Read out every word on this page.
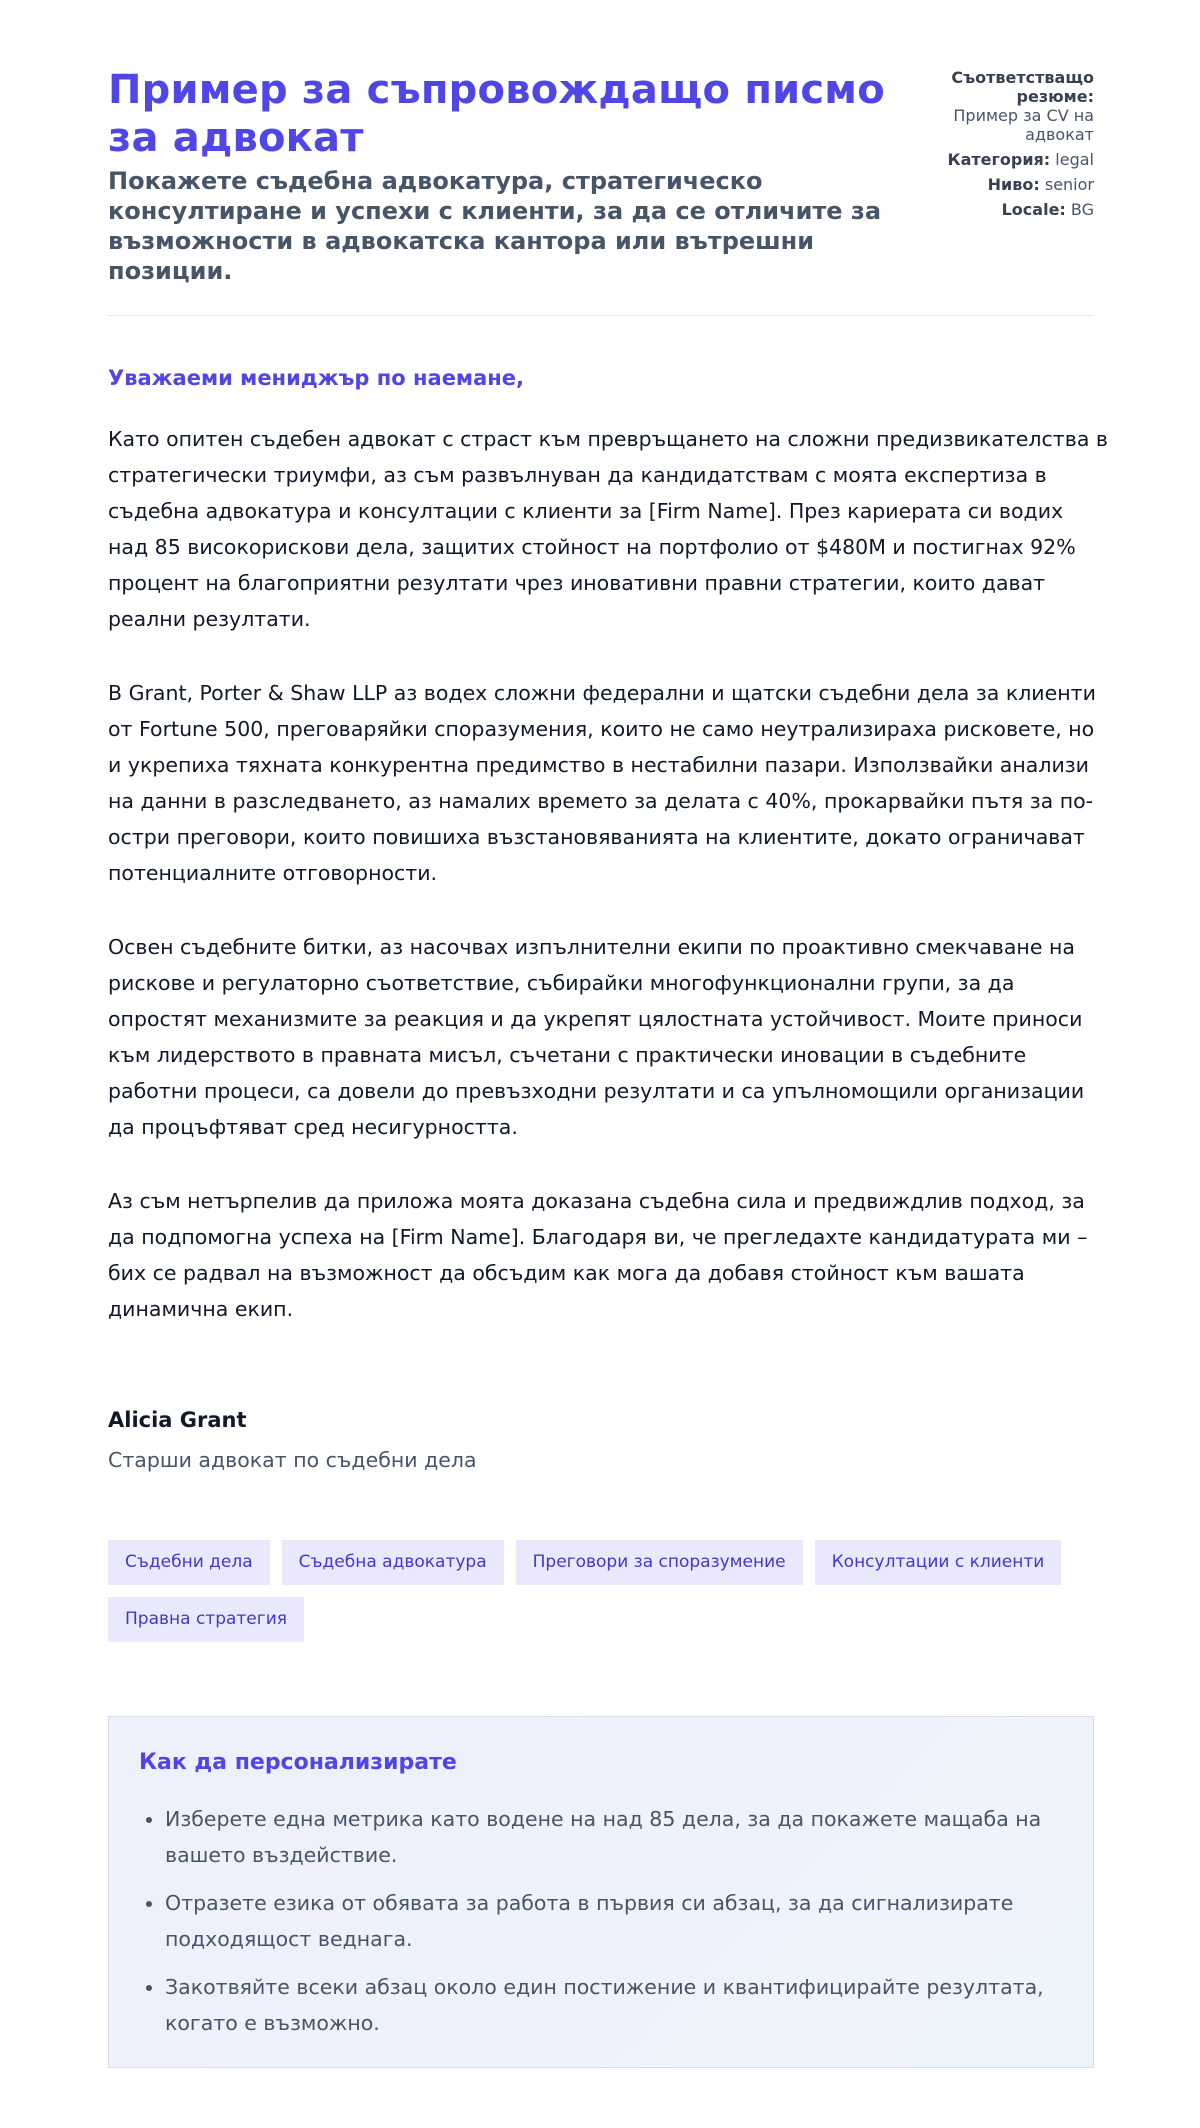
Пример за съпровождащо писмо за адвокат
Покажете съдебна адвокатура, стратегическо консултиране и успехи с клиенти, за да се отличите за възможности в адвокатска кантора или вътрешни позиции.
Съответстващо резюме:
Пример за CV на адвокат
Категория: legal
Ниво: senior
Locale: BG

Уважаеми мениджър по наемане,

Като опитен съдебен адвокат с страст към превръщането на сложни предизвикателства в стратегически триумфи, аз съм развълнуван да кандидатствам с моята експертиза в съдебна адвокатура и консултации с клиенти за [Firm Name]. През кариерата си водих над 85 високорискови дела, защитих стойност на портфолио от $480M и постигнах 92% процент на благоприятни резултати чрез иновативни правни стратегии, които дават реални резултати.

В Grant, Porter & Shaw LLP аз водех сложни федерални и щатски съдебни дела за клиенти от Fortune 500, преговаряйки споразумения, които не само неутрализираха рисковете, но и укрепиха тяхната конкурентна предимство в нестабилни пазари. Използвайки анализи на данни в разследването, аз намалих времето за делата с 40%, прокарвайки пътя за по-остри преговори, които повишиха възстановяванията на клиентите, докато ограничават потенциалните отговорности.

Освен съдебните битки, аз насочвах изпълнителни екипи по проактивно смекчаване на рискове и регулаторно съответствие, събирайки многофункционални групи, за да опростят механизмите за реакция и да укрепят цялостната устойчивост. Моите приноси към лидерството в правната мисъл, съчетани с практически иновации в съдебните работни процеси, са довели до превъзходни резултати и са упълномощили организации да процъфтяват сред несигурността.

Аз съм нетърпелив да приложа моята доказана съдебна сила и предвиждлив подход, за да подпомогна успеха на [Firm Name]. Благодаря ви, че прегледахте кандидатурата ми – бих се радвал на възможност да обсъдим как мога да добавя стойност към вашата динамична екип.

Alicia Grant
Старши адвокат по съдебни дела
Съдебни дела	Съдебна адвокатура	Преговори за споразумение	Консултации с клиенти
Правна стратегия
Как да персонализирате
• Изберете една метрика като водене на над 85 дела, за да покажете мащаба на вашето въздействие.
• Отразете езика от обявата за работа в първия си абзац, за да сигнализирате подходящост веднага.
• Закотвяйте всеки абзац около един постижение и квантифицирайте резултата, когато е възможно.
